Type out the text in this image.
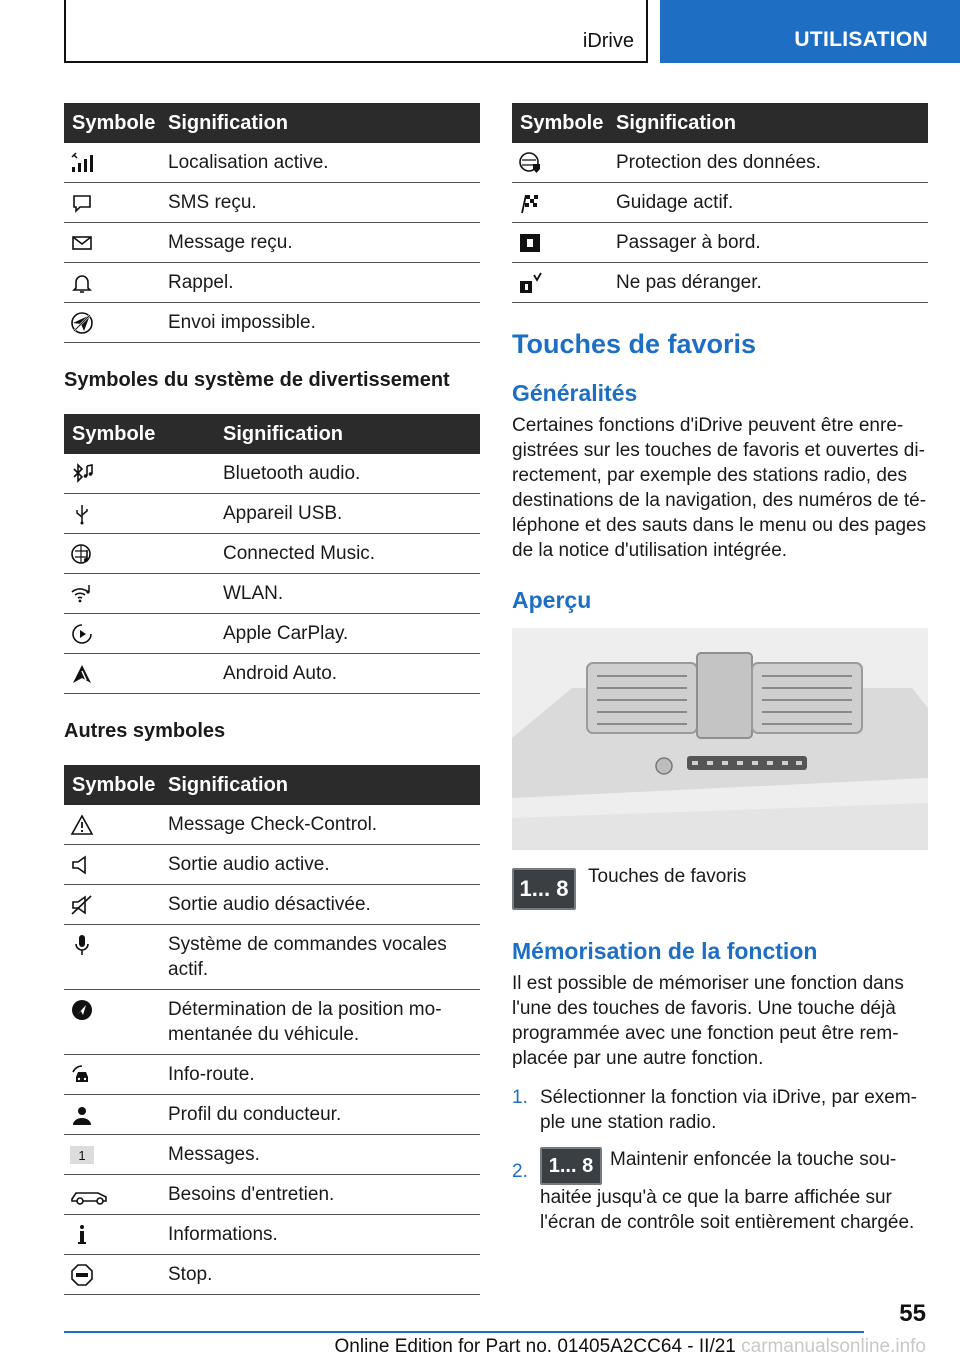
iDrive	UTILISATION
Symbole	Signification

	Localisation active.

	SMS reçu.

	Message reçu.

	Rappel.

	Envoi impossible.
Symboles du système de divertissement
Symbole	Signification

	Bluetooth audio.

	Appareil USB.

	Connected Music.

	WLAN.

	Apple CarPlay.

	Android Auto.
Autres symboles
Symbole	Signification

	Message Check-Control.

	Sortie audio active.

	Sortie audio désactivée.

	Système de commandes vocales actif.

	Détermination de la position mo-mentanée du véhicule.

	Info-route.

	Profil du conducteur.

1	Messages.

	Besoins d'entretien.

	Informations.

	Stop.
Symbole	Signification

	Protection des données.

	Guidage actif.

	Passager à bord.

	Ne pas déranger.
Touches de favoris
Généralités

Certaines fonctions d'iDrive peuvent être enre-gistrées sur les touches de favoris et ouvertes di-rectement, par exemple des stations radio, des destinations de la navigation, des numéros de té-léphone et des sauts dans le menu ou des pages de la notice d'utilisation intégrée.

Aperçu
1... 8	Touches de favoris
Mémorisation de la fonction

Il est possible de mémoriser une fonction dans l'une des touches de favoris. Une touche déjà programmée avec une fonction peut être rem-placée par une autre fonction.

1. Sélectionner la fonction via iDrive, par exem-ple une station radio.
2. 1... 8 Maintenir enfoncée la touche sou-haitée jusqu'à ce que la barre affichée sur l'écran de contrôle soit entièrement chargée.
55
Online Edition for Part no. 01405A2CC64 - II/21 carmanualsonline.info
